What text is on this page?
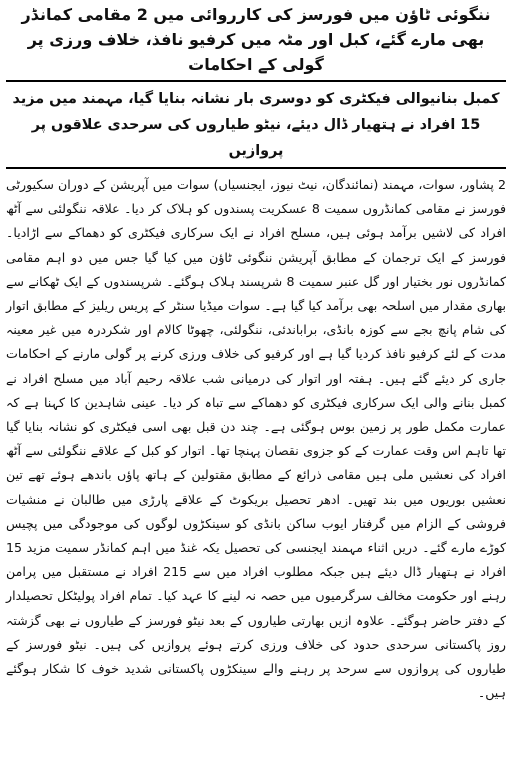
ننگوئی ٹاؤن میں فورسز کی کارروائی میں 2 مقامی کمانڈر بھی مارے گئے، کبل اور مٹہ میں کرفیو نافذ، خلاف ورزی پر گولی کے احکامات
کمبل بنانیوالی فیکٹری کو دوسری بار نشانہ بنایا گیا، مہمند میں مزید 15 افراد نے ہتھیار ڈال دیئے، نیٹو طیاروں کی سرحدی علاقوں پر پروازیں

2 پشاور، سوات، مہمند (نمائندگان، نیٹ نیوز، ایجنسیاں) سوات میں آپریشن کے دوران سکیورٹی فورسز نے مقامی کمانڈروں سمیت 8 عسکریت پسندوں کو ہلاک کر دیا۔ علاقہ ننگولئی سے آٹھ افراد کی لاشیں برآمد ہوئی ہیں، مسلح افراد نے ایک سرکاری فیکٹری کو دھماکے سے اڑادیا۔ فورسز کے ایک ترجمان کے مطابق آپریشن ننگوئی ٹاؤن میں کیا گیا جس میں دو اہم مقامی کمانڈروں نور بختیار اور گل عنبر سمیت 8 شرپسند ہلاک ہوگئے۔ شرپسندوں کے ایک ٹھکانے سے بھاری مقدار میں اسلحہ بھی برآمد کیا گیا ہے۔ سوات میڈیا سنٹر کے پریس ریلیز کے مطابق اتوار کی شام پانچ بجے سے کوزہ بانڈی، براباندئی، ننگولئی، چھوٹا کالام اور شکردرہ میں غیر معینہ مدت کے لئے کرفیو نافذ کردیا گیا ہے اور کرفیو کی خلاف ورزی کرنے پر گولی مارنے کے احکامات جاری کر دیئے گئے ہیں۔ ہفتہ اور اتوار کی درمیانی شب علاقہ رحیم آباد میں مسلح افراد نے کمبل بنانے والی ایک سرکاری فیکٹری کو دھماکے سے تباہ کر دیا۔ عینی شاہدین کا کہنا ہے کہ عمارت مکمل طور پر زمین بوس ہوگئی ہے۔ چند دن قبل بھی اسی فیکٹری کو نشانہ بنایا گیا تھا تاہم اس وقت عمارت کے کو جزوی نقصان پہنچا تھا۔ اتوار کو کبل کے علاقے ننگولئی سے آٹھ افراد کی نعشیں ملی ہیں مقامی ذرائع کے مطابق مقتولین کے ہاتھ پاؤں باندھے ہوئے تھے تین نعشیں بوریوں میں بند تھیں۔ ادھر تحصیل بریکوٹ کے علاقے پارڑی میں طالبان نے منشیات فروشی کے الزام میں گرفتار ایوب ساکن بانڈی کو سینکڑوں لوگوں کی موجودگی میں پچیس کوڑے مارے گئے۔ دریں اثناء مہمند ایجنسی کی تحصیل یکہ غنڈ میں اہم کمانڈر سمیت مزید 15 افراد نے ہتھیار ڈال دیئے ہیں جبکہ مطلوب افراد میں سے 215 افراد نے مستقبل میں پرامن رہنے اور حکومت مخالف سرگرمیوں میں حصہ نہ لینے کا عہد کیا۔ تمام افراد پولیٹکل تحصیلدار کے دفتر حاضر ہوگئے۔ علاوہ ازیں بھارتی طیاروں کے بعد نیٹو فورسز کے طیاروں نے بھی گزشتہ روز پاکستانی سرحدی حدود کی خلاف ورزی کرتے ہوئے پروازیں کی ہیں۔ نیٹو فورسز کے طیاروں کی پروازوں سے سرحد پر رہنے والے سینکڑوں پاکستانی شدید خوف کا شکار ہوگئے ہیں۔
